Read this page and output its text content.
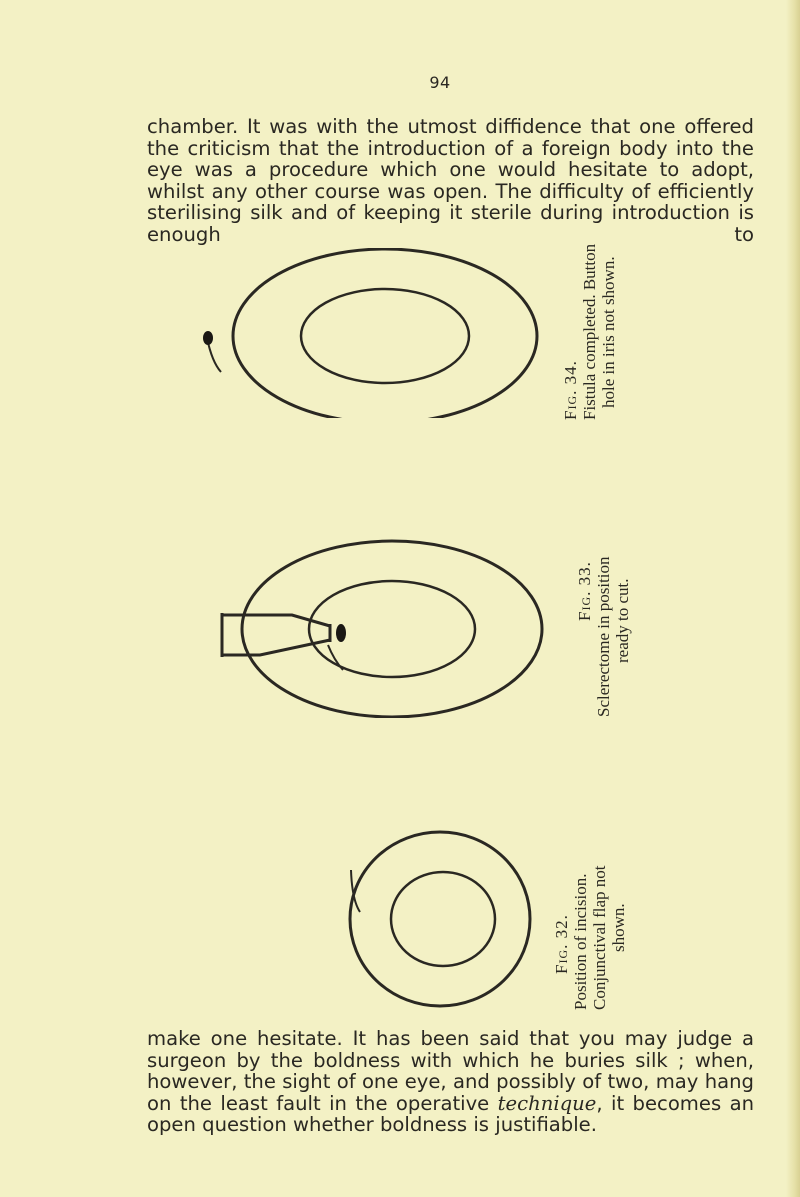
94

chamber. It was with the utmost diffidence that one offered the criticism that the introduction of a foreign body into the eye was a procedure which one would hesitate to adopt, whilst any other course was open. The difficulty of efficiently sterilising silk and of keeping it sterile during introduction is enough to

Fig. 34. Fistula completed. Button hole in iris not shown.
Fig. 33. Sclerectome in position ready to cut.
Fig. 32. Position of incision. Conjunctival flap not shown.

make one hesitate. It has been said that you may judge a surgeon by the boldness with which he buries silk ; when, however, the sight of one eye, and possibly of two, may hang on the least fault in the operative technique, it becomes an open question whether boldness is justifiable.
